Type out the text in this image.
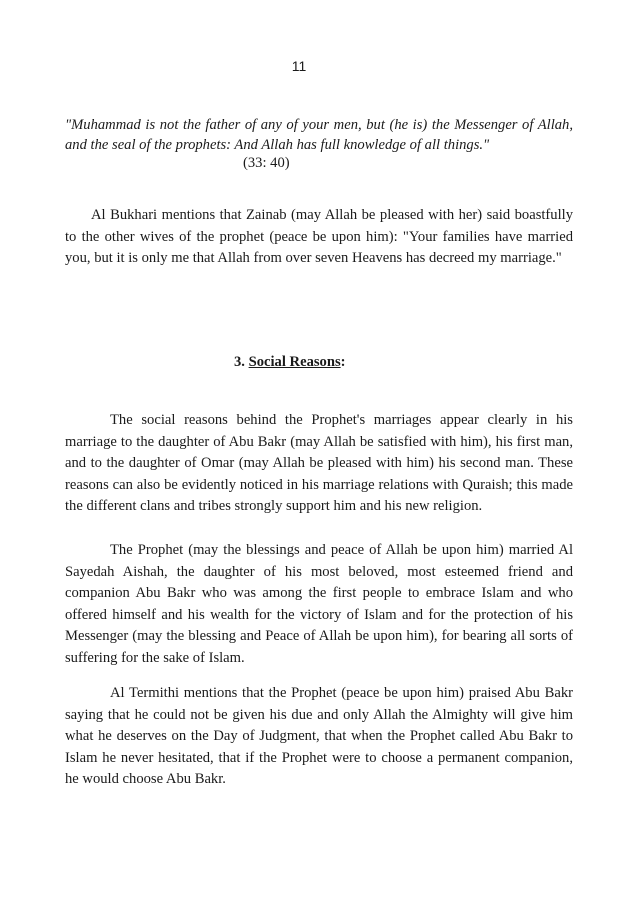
11
"Muhammad is not the father of any of your men, but (he is) the Messenger of Allah, and the seal of the prophets: And Allah has full knowledge of all things."
(33: 40)

Al Bukhari mentions that Zainab (may Allah be pleased with her) said boastfully to the other wives of the prophet (peace be upon him): "Your families have married you, but it is only me that Allah from over seven Heavens has decreed my marriage."

3. Social Reasons:

The social reasons behind the Prophet's marriages appear clearly in his marriage to the daughter of Abu Bakr (may Allah be satisfied with him), his first man, and to the daughter of Omar (may Allah be pleased with him) his second man. These reasons can also be evidently noticed in his marriage relations with Quraish; this made the different clans and tribes strongly support him and his new religion.

The Prophet (may the blessings and peace of Allah be upon him) married Al Sayedah Aishah, the daughter of his most beloved, most esteemed friend and companion Abu Bakr who was among the first people to embrace Islam and who offered himself and his wealth for the victory of Islam and for the protection of his Messenger (may the blessing and Peace of Allah be upon him), for bearing all sorts of suffering for the sake of Islam.

Al Termithi mentions that the Prophet (peace be upon him) praised Abu Bakr saying that he could not be given his due and only Allah the Almighty will give him what he deserves on the Day of Judgment, that when the Prophet called Abu Bakr to Islam he never hesitated, that if the Prophet were to choose a permanent companion, he would choose Abu Bakr.
